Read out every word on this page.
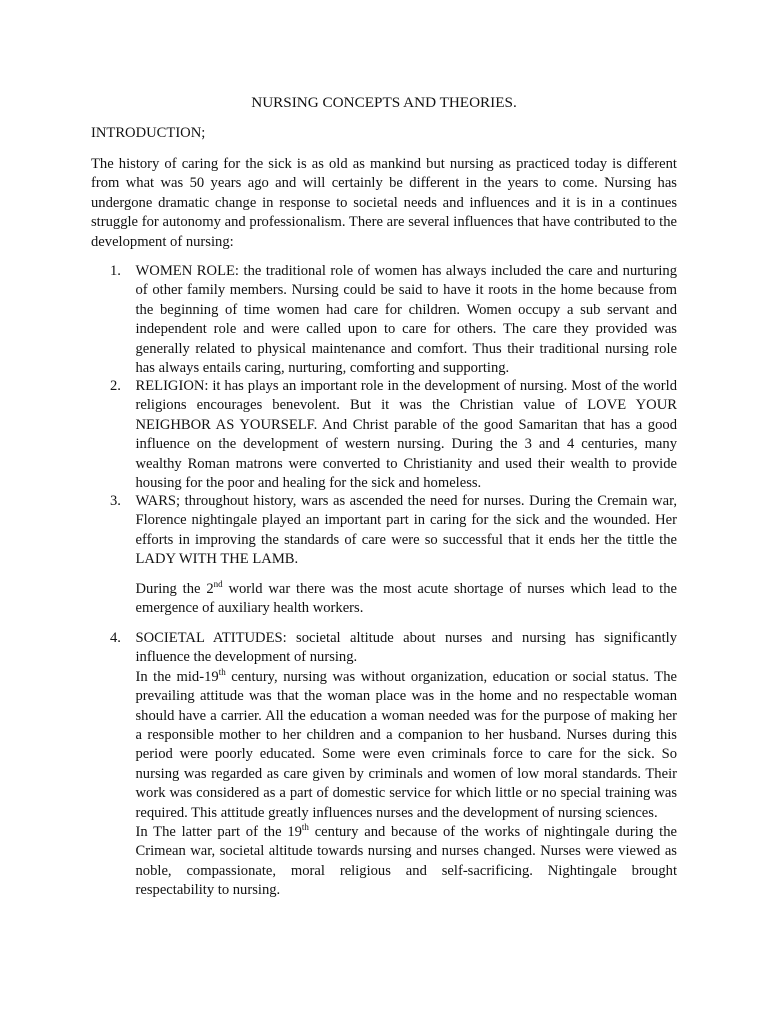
NURSING CONCEPTS AND THEORIES.
INTRODUCTION;
The history of caring for the sick is as old as mankind but nursing as practiced today is different from what was 50 years ago and will certainly be different in the years to come. Nursing has undergone dramatic change in response to societal needs and influences and it is in a continues struggle for autonomy and professionalism. There are several influences that have contributed to the development of nursing:
1. WOMEN ROLE: the traditional role of women has always included the care and nurturing of other family members. Nursing could be said to have it roots in the home because from the beginning of time women had care for children. Women occupy a sub servant and independent role and were called upon to care for others. The care they provided was generally related to physical maintenance and comfort. Thus their traditional nursing role has always entails caring, nurturing, comforting and supporting.
2. RELIGION: it has plays an important role in the development of nursing. Most of the world religions encourages benevolent. But it was the Christian value of LOVE YOUR NEIGHBOR AS YOURSELF. And Christ parable of the good Samaritan that has a good influence on the development of western nursing. During the 3 and 4 centuries, many wealthy Roman matrons were converted to Christianity and used their wealth to provide housing for the poor and healing for the sick and homeless.
3. WARS; throughout history, wars as ascended the need for nurses. During the Cremain war, Florence nightingale played an important part in caring for the sick and the wounded. Her efforts in improving the standards of care were so successful that it ends her the tittle the LADY WITH THE LAMB.
During the 2nd world war there was the most acute shortage of nurses which lead to the emergence of auxiliary health workers.
4. SOCIETAL ATITUDES: societal altitude about nurses and nursing has significantly influence the development of nursing.

In the mid-19th century, nursing was without organization, education or social status. The prevailing attitude was that the woman place was in the home and no respectable woman should have a carrier. All the education a woman needed was for the purpose of making her a responsible mother to her children and a companion to her husband. Nurses during this period were poorly educated. Some were even criminals force to care for the sick. So nursing was regarded as care given by criminals and women of low moral standards. Their work was considered as a part of domestic service for which little or no special training was required. This attitude greatly influences nurses and the development of nursing sciences.

In The latter part of the 19th century and because of the works of nightingale during the Crimean war, societal altitude towards nursing and nurses changed. Nurses were viewed as noble, compassionate, moral religious and self-sacrificing. Nightingale brought respectability to nursing.
